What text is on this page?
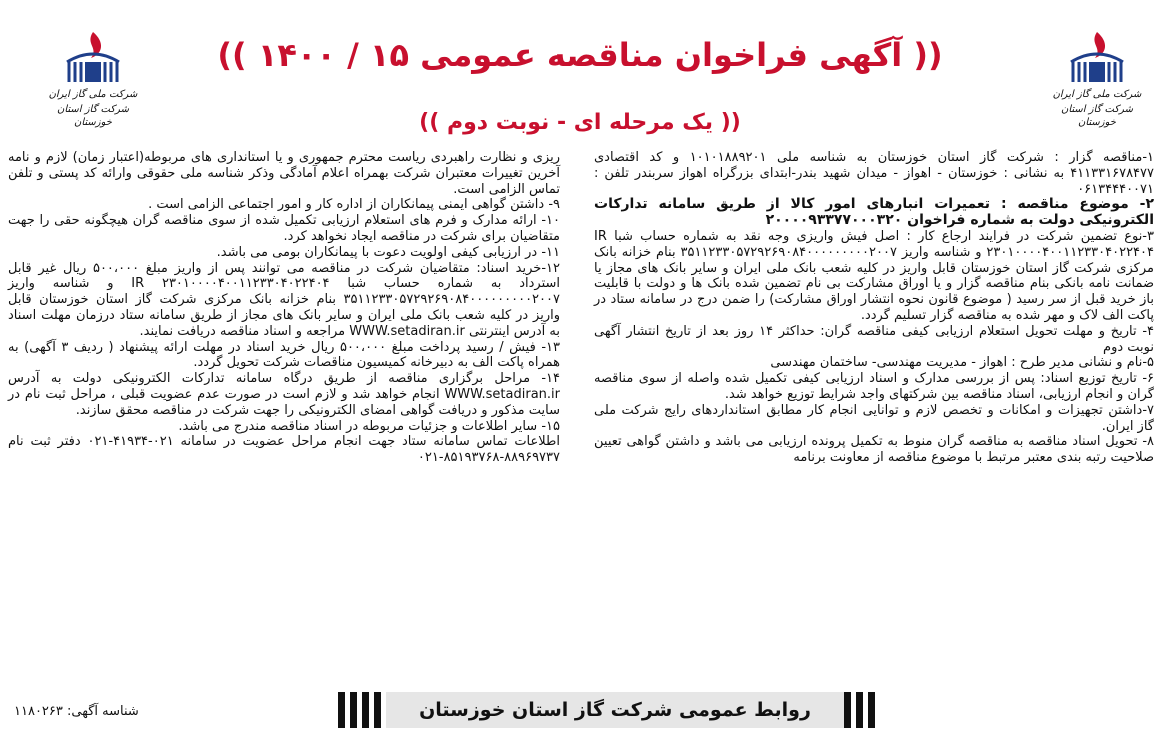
شرکت ملی گاز ایران
شرکت گاز استان خوزستان
شرکت ملی گاز ایران
شرکت گاز استان خوزستان
(( آگهی فراخوان مناقصه عمومی ۱۵ / ۱۴۰۰ ))
(( یک مرحله ای - نوبت دوم ))

۱-مناقصه گزار : شرکت گاز استان خوزستان به شناسه ملی ۱۰۱۰۱۸۸۹۲۰۱ و کد اقتصادی ۴۱۱۳۳۱۶۷۸۴۷۷ به نشانی : خوزستان - اهواز - میدان شهید بندر-ابتدای بزرگراه اهواز سربندر تلفن : ۰۶۱۳۴۴۴۰۰۷۱

۲- موضوع مناقصه : تعمیرات انبارهای امور کالا از طریق سامانه تدارکات الکترونیکی دولت به شماره فراخوان ۲۰۰۰۰۹۳۳۷۷۰۰۰۳۲۰

۳-نوع تضمین شرکت در فرایند ارجاع کار : اصل فیش واریزی وجه نقد به شماره حساب شبا IR ۲۳۰۱۰۰۰۰۴۰۰۱۱۲۳۳۰۴۰۲۲۴۰۴ و شناسه واریز ۳۵۱۱۲۳۳۰۵۷۲۹۲۶۹۰۸۴۰۰۰۰۰۰۰۰۰۲۰۰۷ بنام خزانه بانک مرکزی شرکت گاز استان خوزستان قابل واریز در کلیه شعب بانک ملی ایران و سایر بانک های مجاز یا ضمانت نامه بانکی بنام مناقصه گزار و یا اوراق مشارکت بی نام تضمین شده بانک ها و دولت با قابلیت باز خرید قبل از سر رسید ( موضوع قانون نحوه انتشار اوراق مشارکت) را ضمن درج در سامانه ستاد در پاکت الف لاک و مهر شده به مناقصه گزار تسلیم گردد.

۴- تاریخ و مهلت تحویل استعلام ارزیابی کیفی مناقصه گران: حداکثر ۱۴ روز بعد از تاریخ انتشار آگهی نوبت دوم

۵-نام و نشانی مدیر طرح : اهواز - مدیریت مهندسی- ساختمان مهندسی

۶- تاریخ توزیع اسناد: پس از بررسی مدارک و اسناد ارزیابی کیفی تکمیل شده واصله از سوی مناقصه گران و انجام ارزیابی، اسناد مناقصه بین شرکتهای واجد شرایط توزیع خواهد شد.

۷-داشتن تجهیزات و امکانات و تخصص لازم و توانایی انجام کار مطابق استانداردهای رایج شرکت ملی گاز ایران.

۸- تحویل اسناد مناقصه به مناقصه گران منوط به تکمیل پرونده ارزیابی می باشد و داشتن گواهی تعیین صلاحیت رتبه بندی معتبر مرتبط با موضوع مناقصه از معاونت برنامه

ریزی و نظارت راهبردی ریاست محترم جمهوری و یا استانداری های مربوطه(اعتبار زمان) لازم و نامه آخرین تغییرات معتبران شرکت بهمراه اعلام آمادگی وذکر شناسه ملی حقوقی وارائه کد پستی و تلفن تماس الزامی است.

۹- داشتن گواهی ایمنی پیمانکاران از اداره کار و امور اجتماعی الزامی است .

۱۰- ارائه مدارک و فرم های استعلام ارزیابی تکمیل شده از سوی مناقصه گران هیچگونه حقی را جهت متقاضیان برای شرکت در مناقصه ایجاد نخواهد کرد.

۱۱- در ارزیابی کیفی اولویت دعوت با پیمانکاران بومی می باشد.

۱۲-خرید اسناد: متقاضیان شرکت در مناقصه می توانند پس از واریز مبلغ ۵۰۰،۰۰۰ ریال غیر قابل استرداد به شماره حساب شبا IR ۲۳۰۱۰۰۰۰۴۰۰۱۱۲۳۳۰۴۰۲۲۴۰۴ و شناسه واریز ۳۵۱۱۲۳۳۰۵۷۲۹۲۶۹۰۸۴۰۰۰۰۰۰۰۰۰۲۰۰۷ بنام خزانه بانک مرکزی شرکت گاز استان خوزستان قابل واریز در کلیه شعب بانک ملی ایران و سایر بانک های مجاز از طریق سامانه ستاد درزمان مهلت اسناد به آدرس اینترنتی WWW.setadiran.ir مراجعه و اسناد مناقصه دریافت نمایند.

۱۳- فیش / رسید پرداخت مبلغ ۵۰۰،۰۰۰ ریال خرید اسناد در مهلت ارائه پیشنهاد ( ردیف ۳ آگهی) به همراه پاکت الف به دبیرخانه کمیسیون مناقصات شرکت تحویل گردد.

۱۴- مراحل برگزاری مناقصه از طریق درگاه سامانه تدارکات الکترونیکی دولت به آدرس WWW.setadiran.ir انجام خواهد شد و لازم است در صورت عدم عضویت قبلی ، مراحل ثبت نام در سایت مذکور و دریافت گواهی امضای الکترونیکی را جهت شرکت در مناقصه محقق سازند.

۱۵- سایر اطلاعات و جزئیات مربوطه در اسناد مناقصه مندرج می باشد.

اطلاعات تماس سامانه ستاد جهت انجام مراحل عضویت در سامانه ۰۲۱-۴۱۹۳۴-۰۲۱ دفتر ثبت نام ۸۸۹۶۹۷۳۷-۸۵۱۹۳۷۶۸-۰۲۱

روابط عمومی شرکت گاز استان خوزستان
شناسه آگهی: ۱۱۸۰۲۶۳
